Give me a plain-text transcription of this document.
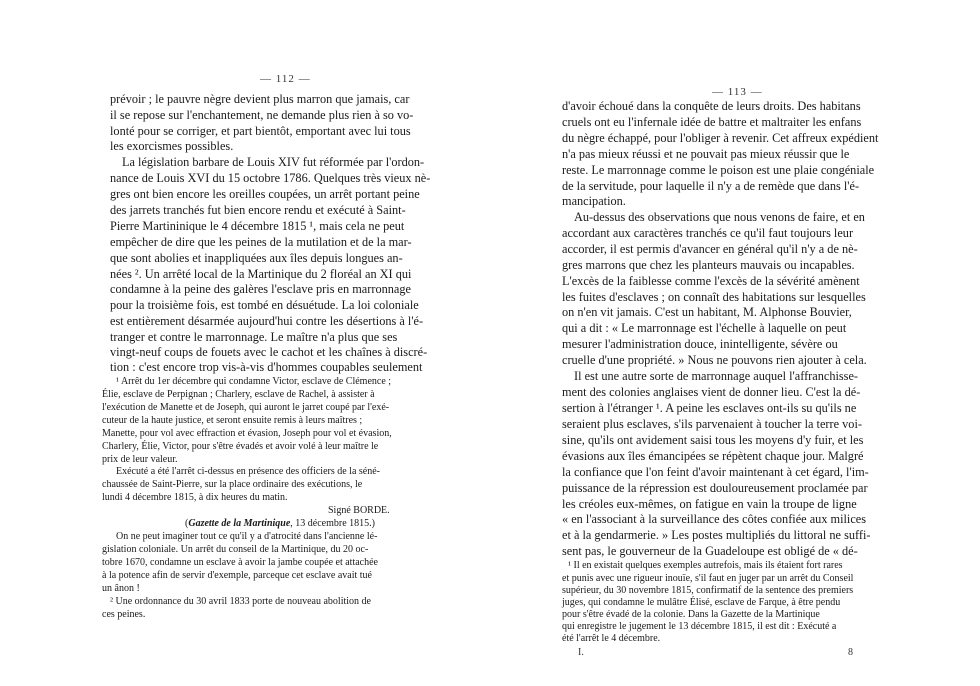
— 112 —
prévoir ; le pauvre nègre devient plus marron que jamais, car
il se repose sur l'enchantement, ne demande plus rien à so vo-
lonté pour se corriger, et part bientôt, emportant avec lui tous
les exorcismes possibles.
La législation barbare de Louis XIV fut réformée par l'ordon-
nance de Louis XVI du 15 octobre 1786. Quelques très vieux nè-
gres ont bien encore les oreilles coupées, un arrêt portant peine
des jarrets tranchés fut bien encore rendu et exécuté à Saint-
Pierre Martininique le 4 décembre 1815 ¹, mais cela ne peut
empêcher de dire que les peines de la mutilation et de la mar-
que sont abolies et inappliquées aux îles depuis longues an-
nées ². Un arrêté local de la Martinique du 2 floréal an XI qui
condamne à la peine des galères l'esclave pris en marronnage
pour la troisième fois, est tombé en désuétude. La loi coloniale
est entièrement désarmée aujourd'hui contre les désertions à l'é-
tranger et contre le marronnage. Le maître n'a plus que ses
vingt-neuf coups de fouets avec le cachot et les chaînes à discré-
tion : c'est encore trop vis-à-vis d'hommes coupables seulement
¹ Arrêt du 1er décembre qui condamne Victor, esclave de Clémence ;
Élie, esclave de Perpignan ; Charlery, esclave de Rachel, à assister à
l'exécution de Manette et de Joseph, qui auront le jarret coupé par l'exé-
cuteur de la haute justice, et seront ensuite remis à leurs maîtres ;
Manette, pour vol avec effraction et évasion, Joseph pour vol et évasion,
Charlery, Élie, Victor, pour s'être évadés et avoir volé à leur maître le
prix de leur valeur.
Exécuté a été l'arrêt ci-dessus en présence des officiers de la séné-
chaussée de Saint-Pierre, sur la place ordinaire des exécutions, le
lundi 4 décembre 1815, à dix heures du matin.
Signé BORDE.
(Gazette de la Martinique, 13 décembre 1815.)
On ne peut imaginer tout ce qu'il y a d'atrocité dans l'ancienne lé-
gislation coloniale. Un arrêt du conseil de la Martinique, du 20 oc-
tobre 1670, condamne un esclave à avoir la jambe coupée et attachée
à la potence afin de servir d'exemple, parceque cet esclave avait tué
un ânon !
² Une ordonnance du 30 avril 1833 porte de nouveau abolition de
ces peines.
— 113 —
d'avoir échoué dans la conquête de leurs droits. Des habitans
cruels ont eu l'infernale idée de battre et maltraiter les enfans
du nègre échappé, pour l'obliger à revenir. Cet affreux expédient
n'a pas mieux réussi et ne pouvait pas mieux réussir que le
reste. Le marronnage comme le poison est une plaie congéniale
de la servitude, pour laquelle il n'y a de remède que dans l'é-
mancipation.
Au-dessus des observations que nous venons de faire, et en
accordant aux caractères tranchés ce qu'il faut toujours leur
accorder, il est permis d'avancer en général qu'il n'y a de nè-
gres marrons que chez les planteurs mauvais ou incapables.
L'excès de la faiblesse comme l'excès de la sévérité amènent
les fuites d'esclaves ; on connaît des habitations sur lesquelles
on n'en vit jamais. C'est un habitant, M. Alphonse Bouvier,
qui a dit : « Le marronnage est l'échelle à laquelle on peut
mesurer l'administration douce, inintelligente, sévère ou
cruelle d'une propriété. » Nous ne pouvons rien ajouter à cela.
Il est une autre sorte de marronnage auquel l'affranchisse-
ment des colonies anglaises vient de donner lieu. C'est la dé-
sertion à l'étranger ¹. A peine les esclaves ont-ils su qu'ils ne
seraient plus esclaves, s'ils parvenaient à toucher la terre voi-
sine, qu'ils ont avidement saisi tous les moyens d'y fuir, et les
évasions aux îles émancipées se répètent chaque jour. Malgré
la confiance que l'on feint d'avoir maintenant à cet égard, l'im-
puissance de la répression est douloureusement proclamée par
les créoles eux-mêmes, on fatigue en vain la troupe de ligne
« en l'associant à la surveillance des côtes confiée aux milices
et à la gendarmerie. » Les postes multipliés du littoral ne suffi-
sent pas, le gouverneur de la Guadeloupe est obligé de « dé-
¹ Il en existait quelques exemples autrefois, mais ils étaient fort rares
et punis avec une rigueur inouïe, s'il faut en juger par un arrêt du Conseil
supérieur, du 30 novembre 1815, confirmatif de la sentence des premiers
juges, qui condamne le mulâtre Élisé, esclave de Farque, à être pendu
pour s'être évadé de la colonie. Dans la Gazette de la Martinique
qui enregistre le jugement le 13 décembre 1815, il est dit : Exécuté a
été l'arrêt le 4 décembre.
I.	8
